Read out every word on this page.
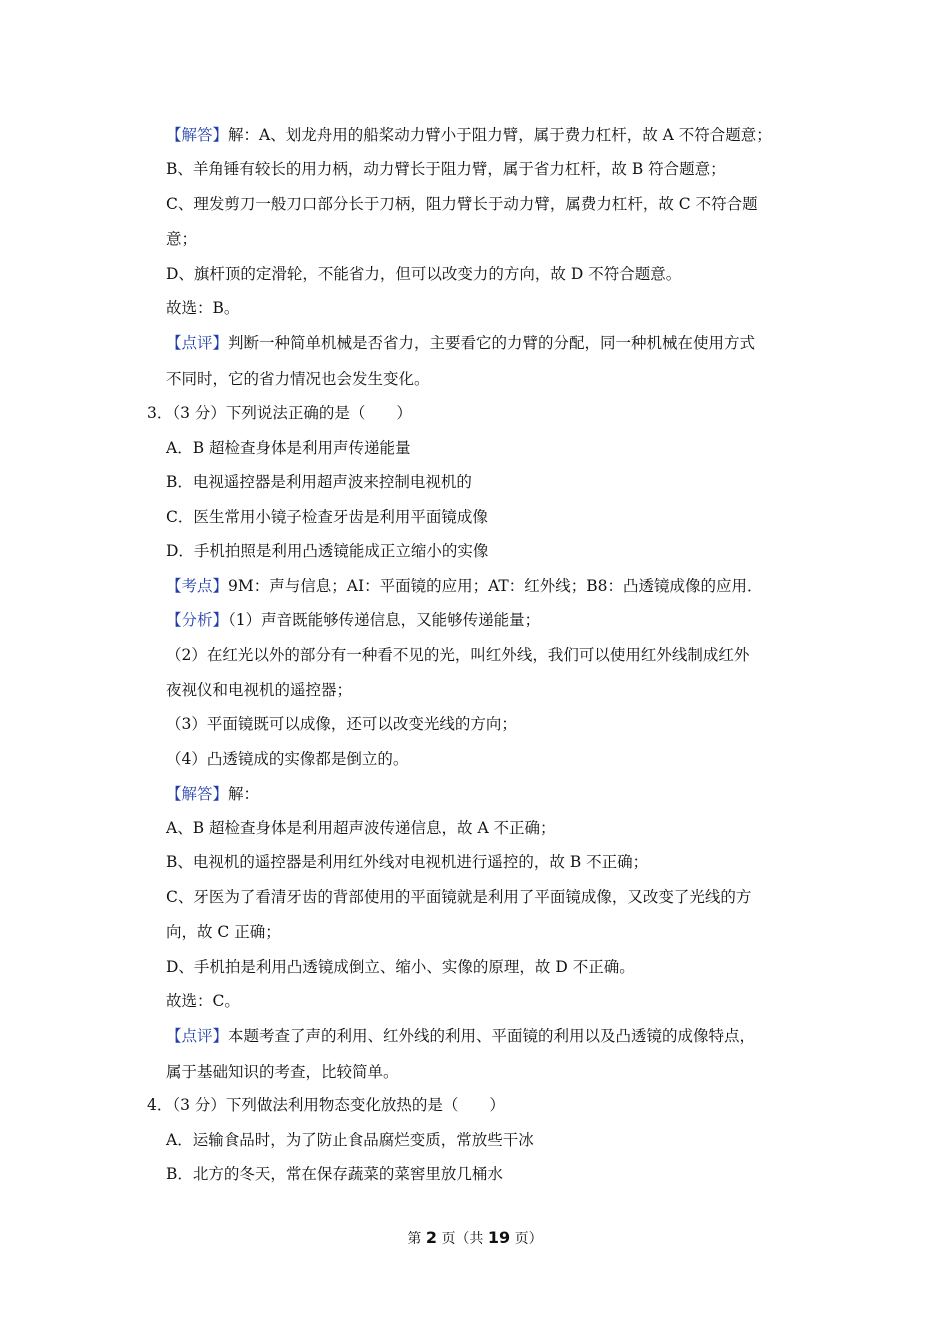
【解答】解：A、划龙舟用的船桨动力臂小于阻力臂，属于费力杠杆，故 A 不符合题意；
B、羊角锤有较长的用力柄，动力臂长于阻力臂，属于省力杠杆，故 B 符合题意；
C、理发剪刀一般刀口部分长于刀柄，阻力臂长于动力臂，属费力杠杆，故 C 不符合题
意；
D、旗杆顶的定滑轮，不能省力，但可以改变力的方向，故 D 不符合题意。
故选：B。
【点评】判断一种简单机械是否省力，主要看它的力臂的分配，同一种机械在使用方式
不同时，它的省力情况也会发生变化。
3．（3 分）下列说法正确的是（　　）
A．B 超检查身体是利用声传递能量
B．电视遥控器是利用超声波来控制电视机的
C．医生常用小镜子检查牙齿是利用平面镜成像
D．手机拍照是利用凸透镜能成正立缩小的实像
【考点】9M：声与信息；AI：平面镜的应用；AT：红外线；B8：凸透镜成像的应用．
【分析】（1）声音既能够传递信息，又能够传递能量；
（2）在红光以外的部分有一种看不见的光，叫红外线，我们可以使用红外线制成红外
夜视仪和电视机的遥控器；
（3）平面镜既可以成像，还可以改变光线的方向；
（4）凸透镜成的实像都是倒立的。
【解答】解：
A、B 超检查身体是利用超声波传递信息，故 A 不正确；
B、电视机的遥控器是利用红外线对电视机进行遥控的，故 B 不正确；
C、牙医为了看清牙齿的背部使用的平面镜就是利用了平面镜成像，又改变了光线的方
向，故 C 正确；
D、手机拍是利用凸透镜成倒立、缩小、实像的原理，故 D 不正确。
故选：C。
【点评】本题考查了声的利用、红外线的利用、平面镜的利用以及凸透镜的成像特点，
属于基础知识的考查，比较简单。
4．（3 分）下列做法利用物态变化放热的是（　　）
A．运输食品时，为了防止食品腐烂变质，常放些干冰
B．北方的冬天，常在保存蔬菜的菜窖里放几桶水
第 2 页（共 19 页）
